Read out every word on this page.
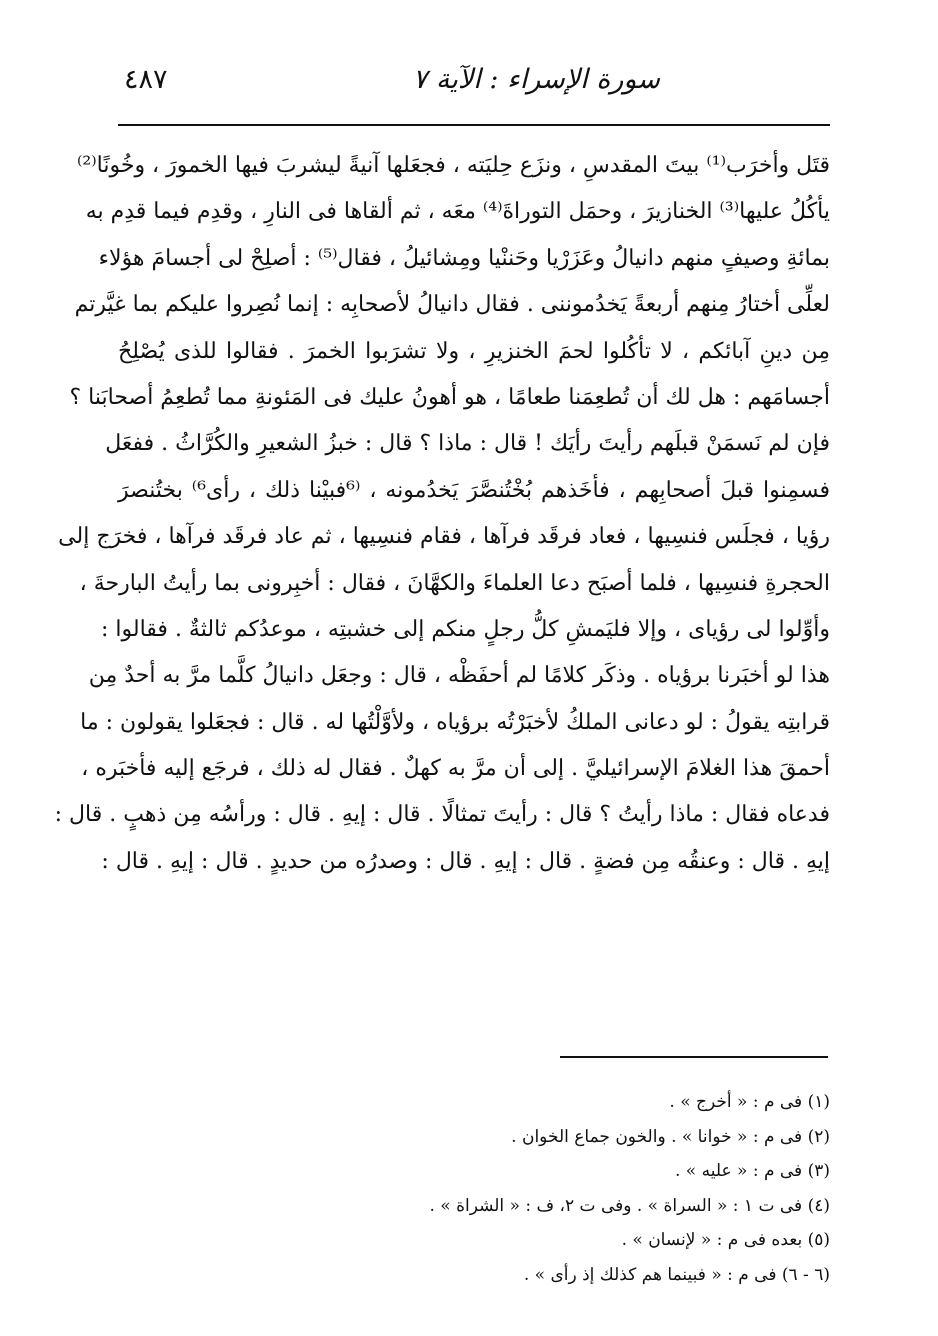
سورة الإسراء : الآية ٧
٤٨٧
قتَل وأخرَب⁽¹⁾ بيتَ المقدسِ ، ونزَع حِليَته ، فجعَلها آنيةً ليشربَ فيها الخمورَ ، وخُونًا⁽²⁾
يأكُلُ عليها⁽³⁾ الخنازيرَ ، وحمَل التوراةَ⁽⁴⁾ معَه ، ثم ألقاها فى النارِ ، وقدِم فيما قدِم به
بمائةِ وصيفٍ منهم دانيالُ وعَزَرْيا وحَننْيا ومِشائيلُ ، فقال⁽⁵⁾ : أصلِحْ لى أجسامَ هؤلاء
لعلِّى أختارُ مِنهم أربعةً يَخدُموننى . فقال دانيالُ لأصحابِه : إنما نُصِروا عليكم بما غيَّرتم
مِن دينِ آبائكم ، لا تأكُلوا لحمَ الخنزيرِ ، ولا تشرَبوا الخمرَ . فقالوا للذى يُصْلِحُ
أجسامَهم : هل لك أن تُطعِمَنا طعامًا ، هو أهونُ عليك فى المَئونةِ مما تُطعِمُ أصحابَنا ؟
فإن لم نَسمَنْ قبلَهم رأيتَ رأيَك ! قال : ماذا ؟ قال : خبزُ الشعيرِ والكُرَّاثُ . ففعَل
فسمِنوا قبلَ أصحابِهم ، فأخَذهم بُخْتُنصَّرَ يَخدُمونه ، ⁽⁶فبيْنا ذلك ، رأى⁶⁾ بختُنصرَ
رؤيا ، فجلَس فنسِيها ، فعاد فرقَد فرآها ، فقام فنسِيها ، ثم عاد فرقَد فرآها ، فخرَج إلى
الحجرةِ فنسِيها ، فلما أصبَح دعا العلماءَ والكهَّانَ ، فقال : أخبِرونى بما رأيتُ البارحةَ ،
وأوِّلوا لى رؤياى ، وإلا فليَمشِ كلُّ رجلٍ منكم إلى خشبتِه ، موعدُكم ثالثةٌ . فقالوا :
هذا لو أخبَرنا برؤياه . وذكَر كلامًا لم أحفَظْه ، قال : وجعَل دانيالُ كلَّما مرَّ به أحدٌ مِن
قرابتِه يقولُ : لو دعانى الملكُ لأخبَرْتُه برؤياه ، ولأوَّلْتُها له . قال : فجعَلوا يقولون : ما
أحمقَ هذا الغلامَ الإسرائيليَّ . إلى أن مرَّ به كهلٌ . فقال له ذلك ، فرجَع إليه فأخبَره ،
فدعاه فقال : ماذا رأيتُ ؟ قال : رأيتَ تمثالًا . قال : إيهِ . قال : ورأسُه مِن ذهبٍ . قال :
إيهِ . قال : وعنقُه مِن فضةٍ . قال : إيهِ . قال : وصدرُه من حديدٍ . قال : إيهِ . قال :
(١) فى م : « أخرج » .
(٢) فى م : « خوانا » . والخون جماع الخوان .
(٣) فى م : « عليه » .
(٤) فى ت ١ : « السراة » . وفى ت ٢، ف : « الشراة » .
(٥) بعده فى م : « لإنسان » .
(٦ - ٦) فى م : « فبينما هم كذلك إذ رأى » .
